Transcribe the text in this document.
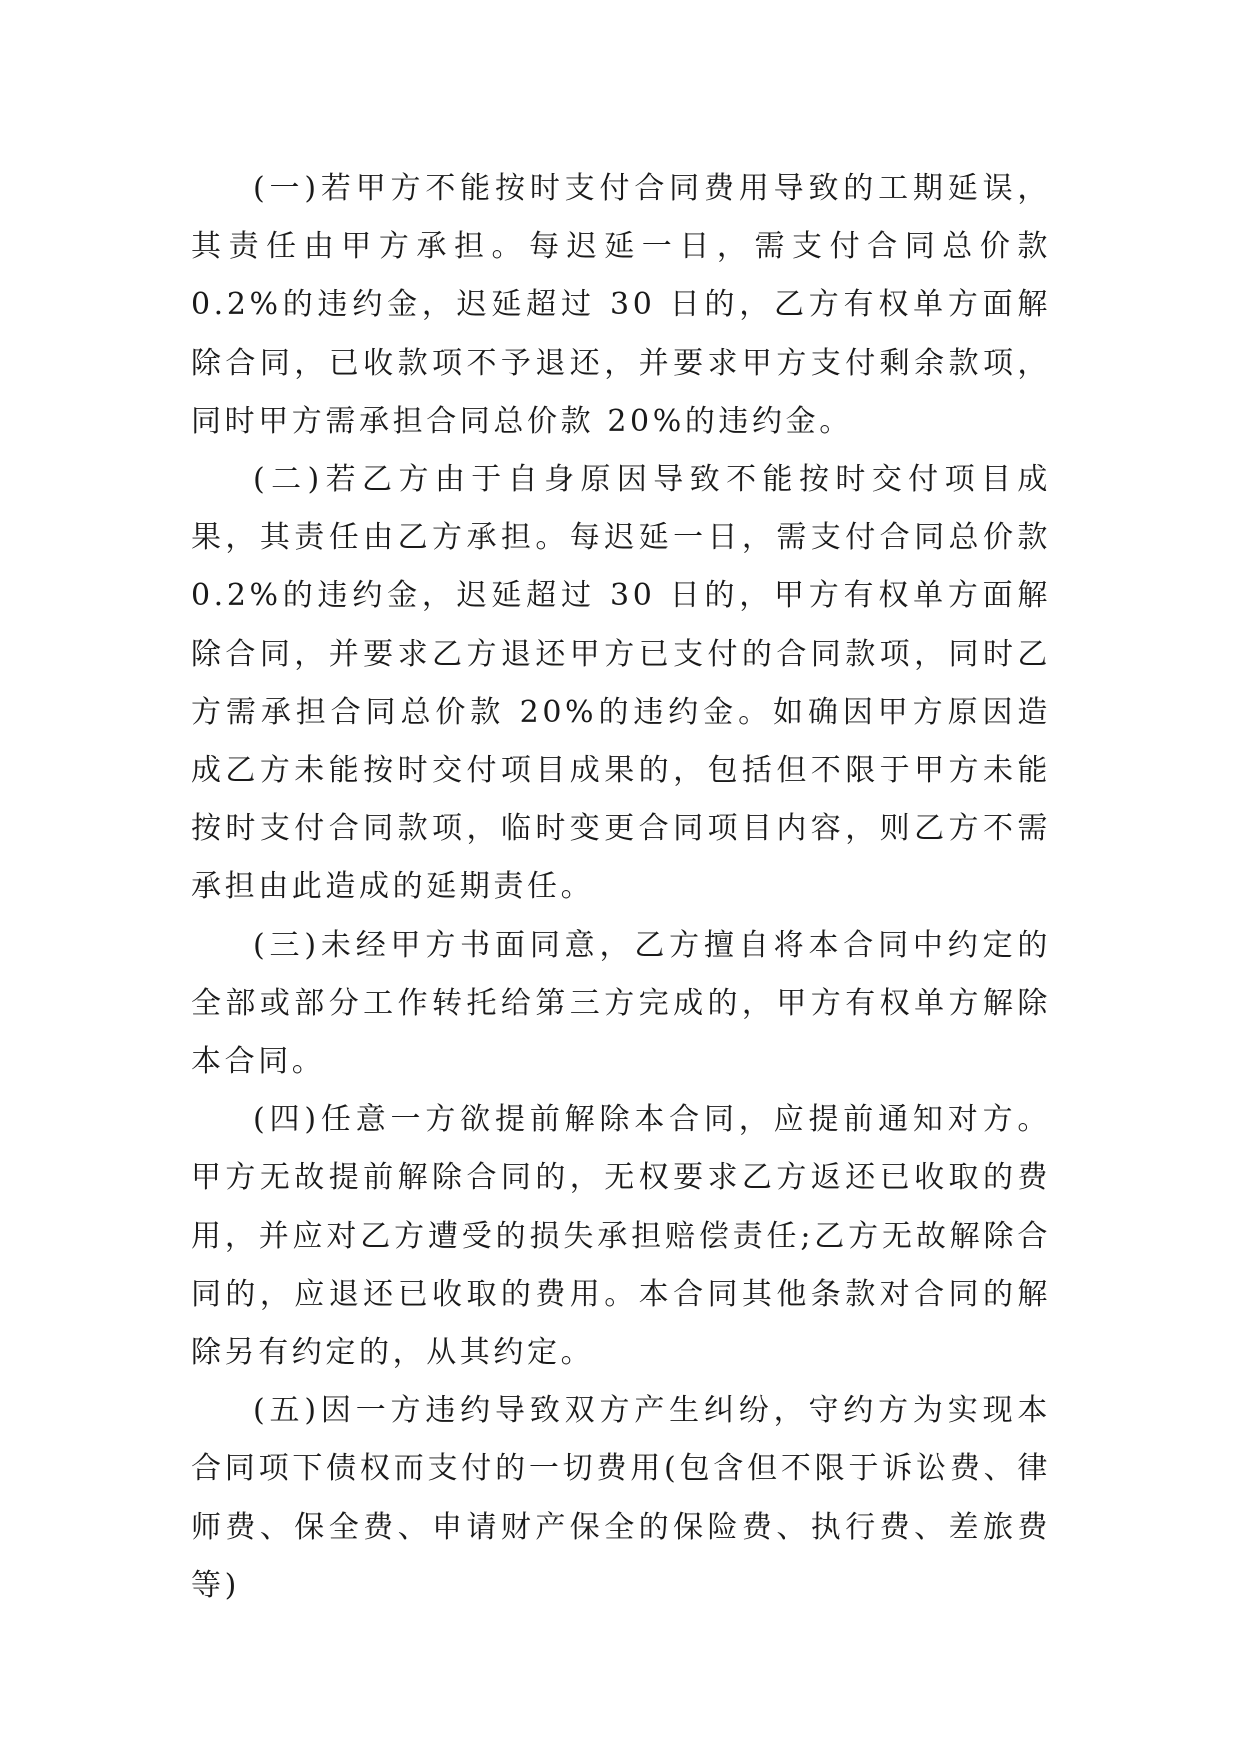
(一)若甲方不能按时支付合同费用导致的工期延误，其责任由甲方承担。每迟延一日，需支付合同总价款 0.2%的违约金，迟延超过 30 日的，乙方有权单方面解除合同，已收款项不予退还，并要求甲方支付剩余款项，同时甲方需承担合同总价款 20%的违约金。

(二)若乙方由于自身原因导致不能按时交付项目成果，其责任由乙方承担。每迟延一日，需支付合同总价款 0.2%的违约金，迟延超过 30 日的，甲方有权单方面解除合同，并要求乙方退还甲方已支付的合同款项，同时乙方需承担合同总价款 20%的违约金。如确因甲方原因造成乙方未能按时交付项目成果的，包括但不限于甲方未能按时支付合同款项，临时变更合同项目内容，则乙方不需承担由此造成的延期责任。

(三)未经甲方书面同意，乙方擅自将本合同中约定的全部或部分工作转托给第三方完成的，甲方有权单方解除本合同。

(四)任意一方欲提前解除本合同，应提前通知对方。甲方无故提前解除合同的，无权要求乙方返还已收取的费用，并应对乙方遭受的损失承担赔偿责任;乙方无故解除合同的，应退还已收取的费用。本合同其他条款对合同的解除另有约定的，从其约定。

(五)因一方违约导致双方产生纠纷，守约方为实现本合同项下债权而支付的一切费用(包含但不限于诉讼费、律师费、保全费、申请财产保全的保险费、执行费、差旅费等)
